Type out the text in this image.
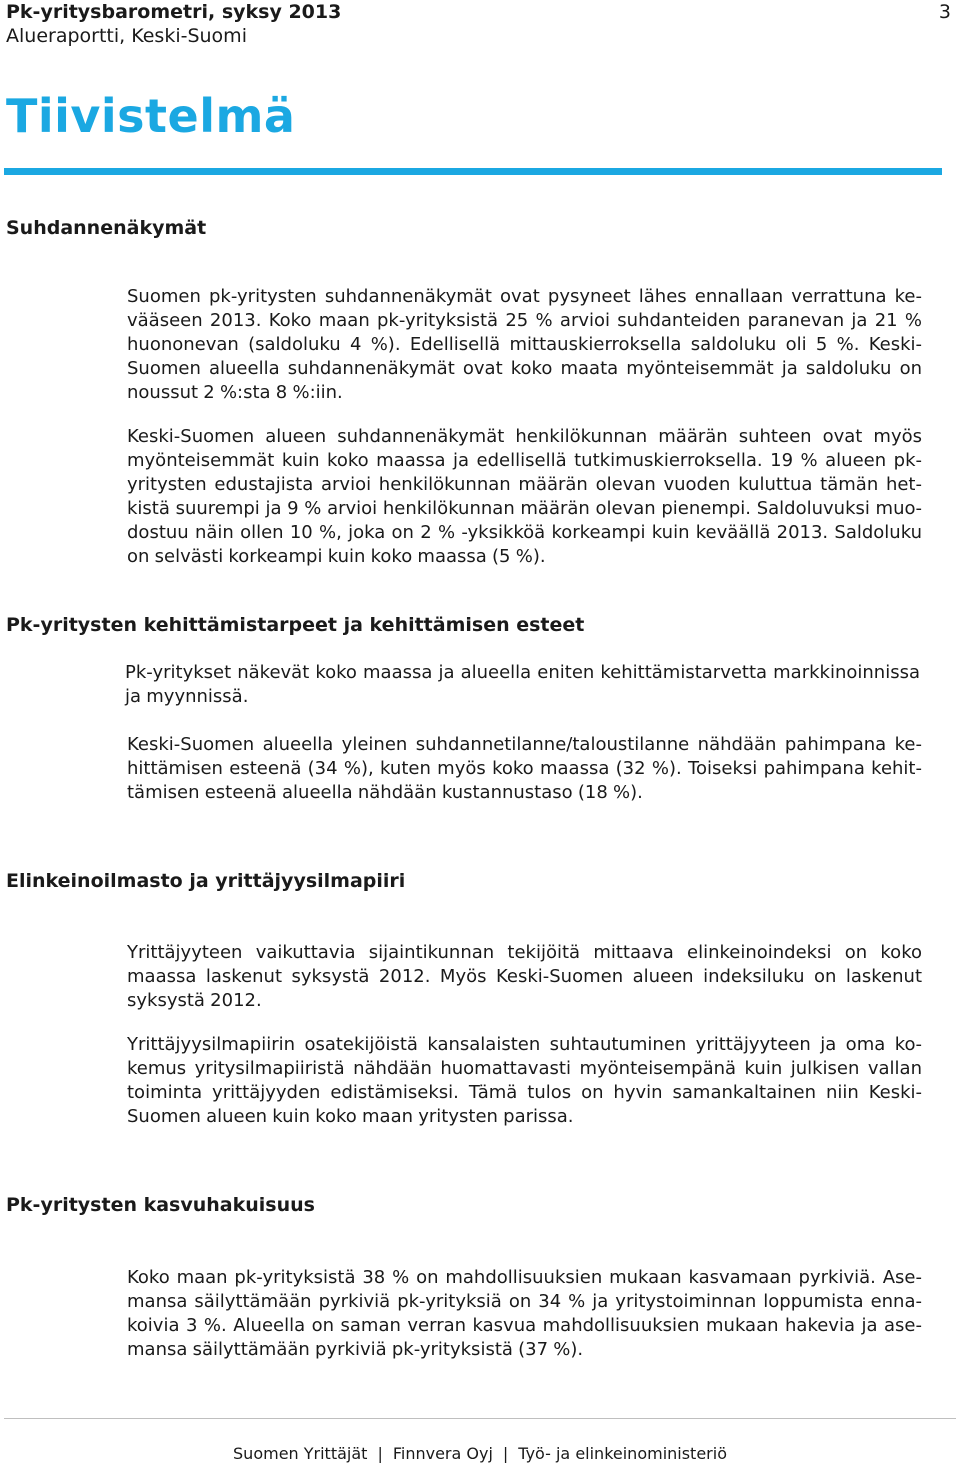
Pk-yritysbarometri, syksy 2013
Alueraportti, Keski-Suomi
3
Tiivistelmä
Suhdannenäkymät
Suomen pk-yritysten suhdannenäkymät ovat pysyneet lähes ennallaan verrattuna kevääseen 2013. Koko maan pk-yrityksistä 25 % arvioi suhdanteiden paranevan ja 21 % huononevan (saldoluku 4 %). Edellisellä mittauskierroksella saldoluku oli 5 %. Keski-Suomen alueella suhdannenäkymät ovat koko maata myönteisemmät ja saldoluku on noussut 2 %:sta 8 %:iin.
Keski-Suomen alueen suhdannenäkymät henkilökunnan määrän suhteen ovat myös myönteisemmät kuin koko maassa ja edellisellä tutkimuskierroksella. 19 % alueen pk-yritysten edustajista arvioi henkilökunnan määrän olevan vuoden kuluttua tämän hetkistä suurempi ja 9 % arvioi henkilökunnan määrän olevan pienempi. Saldoluvuksi muodostuu näin ollen 10 %, joka on 2 % -yksikköä korkeampi kuin keväällä 2013. Saldoluku on selvästi korkeampi kuin koko maassa (5 %).
Pk-yritysten kehittämistarpeet ja kehittämisen esteet
Pk-yritykset näkevät koko maassa ja alueella eniten kehittämistarvetta markkinoinnissa ja myynnissä.
Keski-Suomen alueella yleinen suhdannetilanne/taloustilanne nähdään pahimpana kehittämisen esteenä (34 %), kuten myös koko maassa (32 %). Toiseksi pahimpana kehittämisen esteenä alueella nähdään kustannustaso (18 %).
Elinkeinoilmasto ja yrittäjyysilmapiiri
Yrittäjyyteen vaikuttavia sijaintikunnan tekijöitä mittaava elinkeinoindeksi on koko maassa laskenut syksystä 2012. Myös Keski-Suomen alueen indeksiluku on laskenut syksystä 2012.
Yrittäjyysilmapiirin osatekijöistä kansalaisten suhtautuminen yrittäjyyteen ja oma kokemus yritysilmapiiristä nähdään huomattavasti myönteisempänä kuin julkisen vallan toiminta yrittäjyyden edistämiseksi. Tämä tulos on hyvin samankaltainen niin Keski-Suomen alueen kuin koko maan yritysten parissa.
Pk-yritysten kasvuhakuisuus
Koko maan pk-yrityksistä 38 % on mahdollisuuksien mukaan kasvamaan pyrkiviä. Asemansa säilyttämään pyrkiviä pk-yrityksiä on 34 % ja yritystoiminnan loppumista ennakoivia 3 %. Alueella on saman verran kasvua mahdollisuuksien mukaan hakevia ja asemansa säilyttämään pyrkiviä pk-yrityksistä (37 %).
Suomen Yrittäjät | Finnvera Oyj | Työ- ja elinkeinoministeriö
